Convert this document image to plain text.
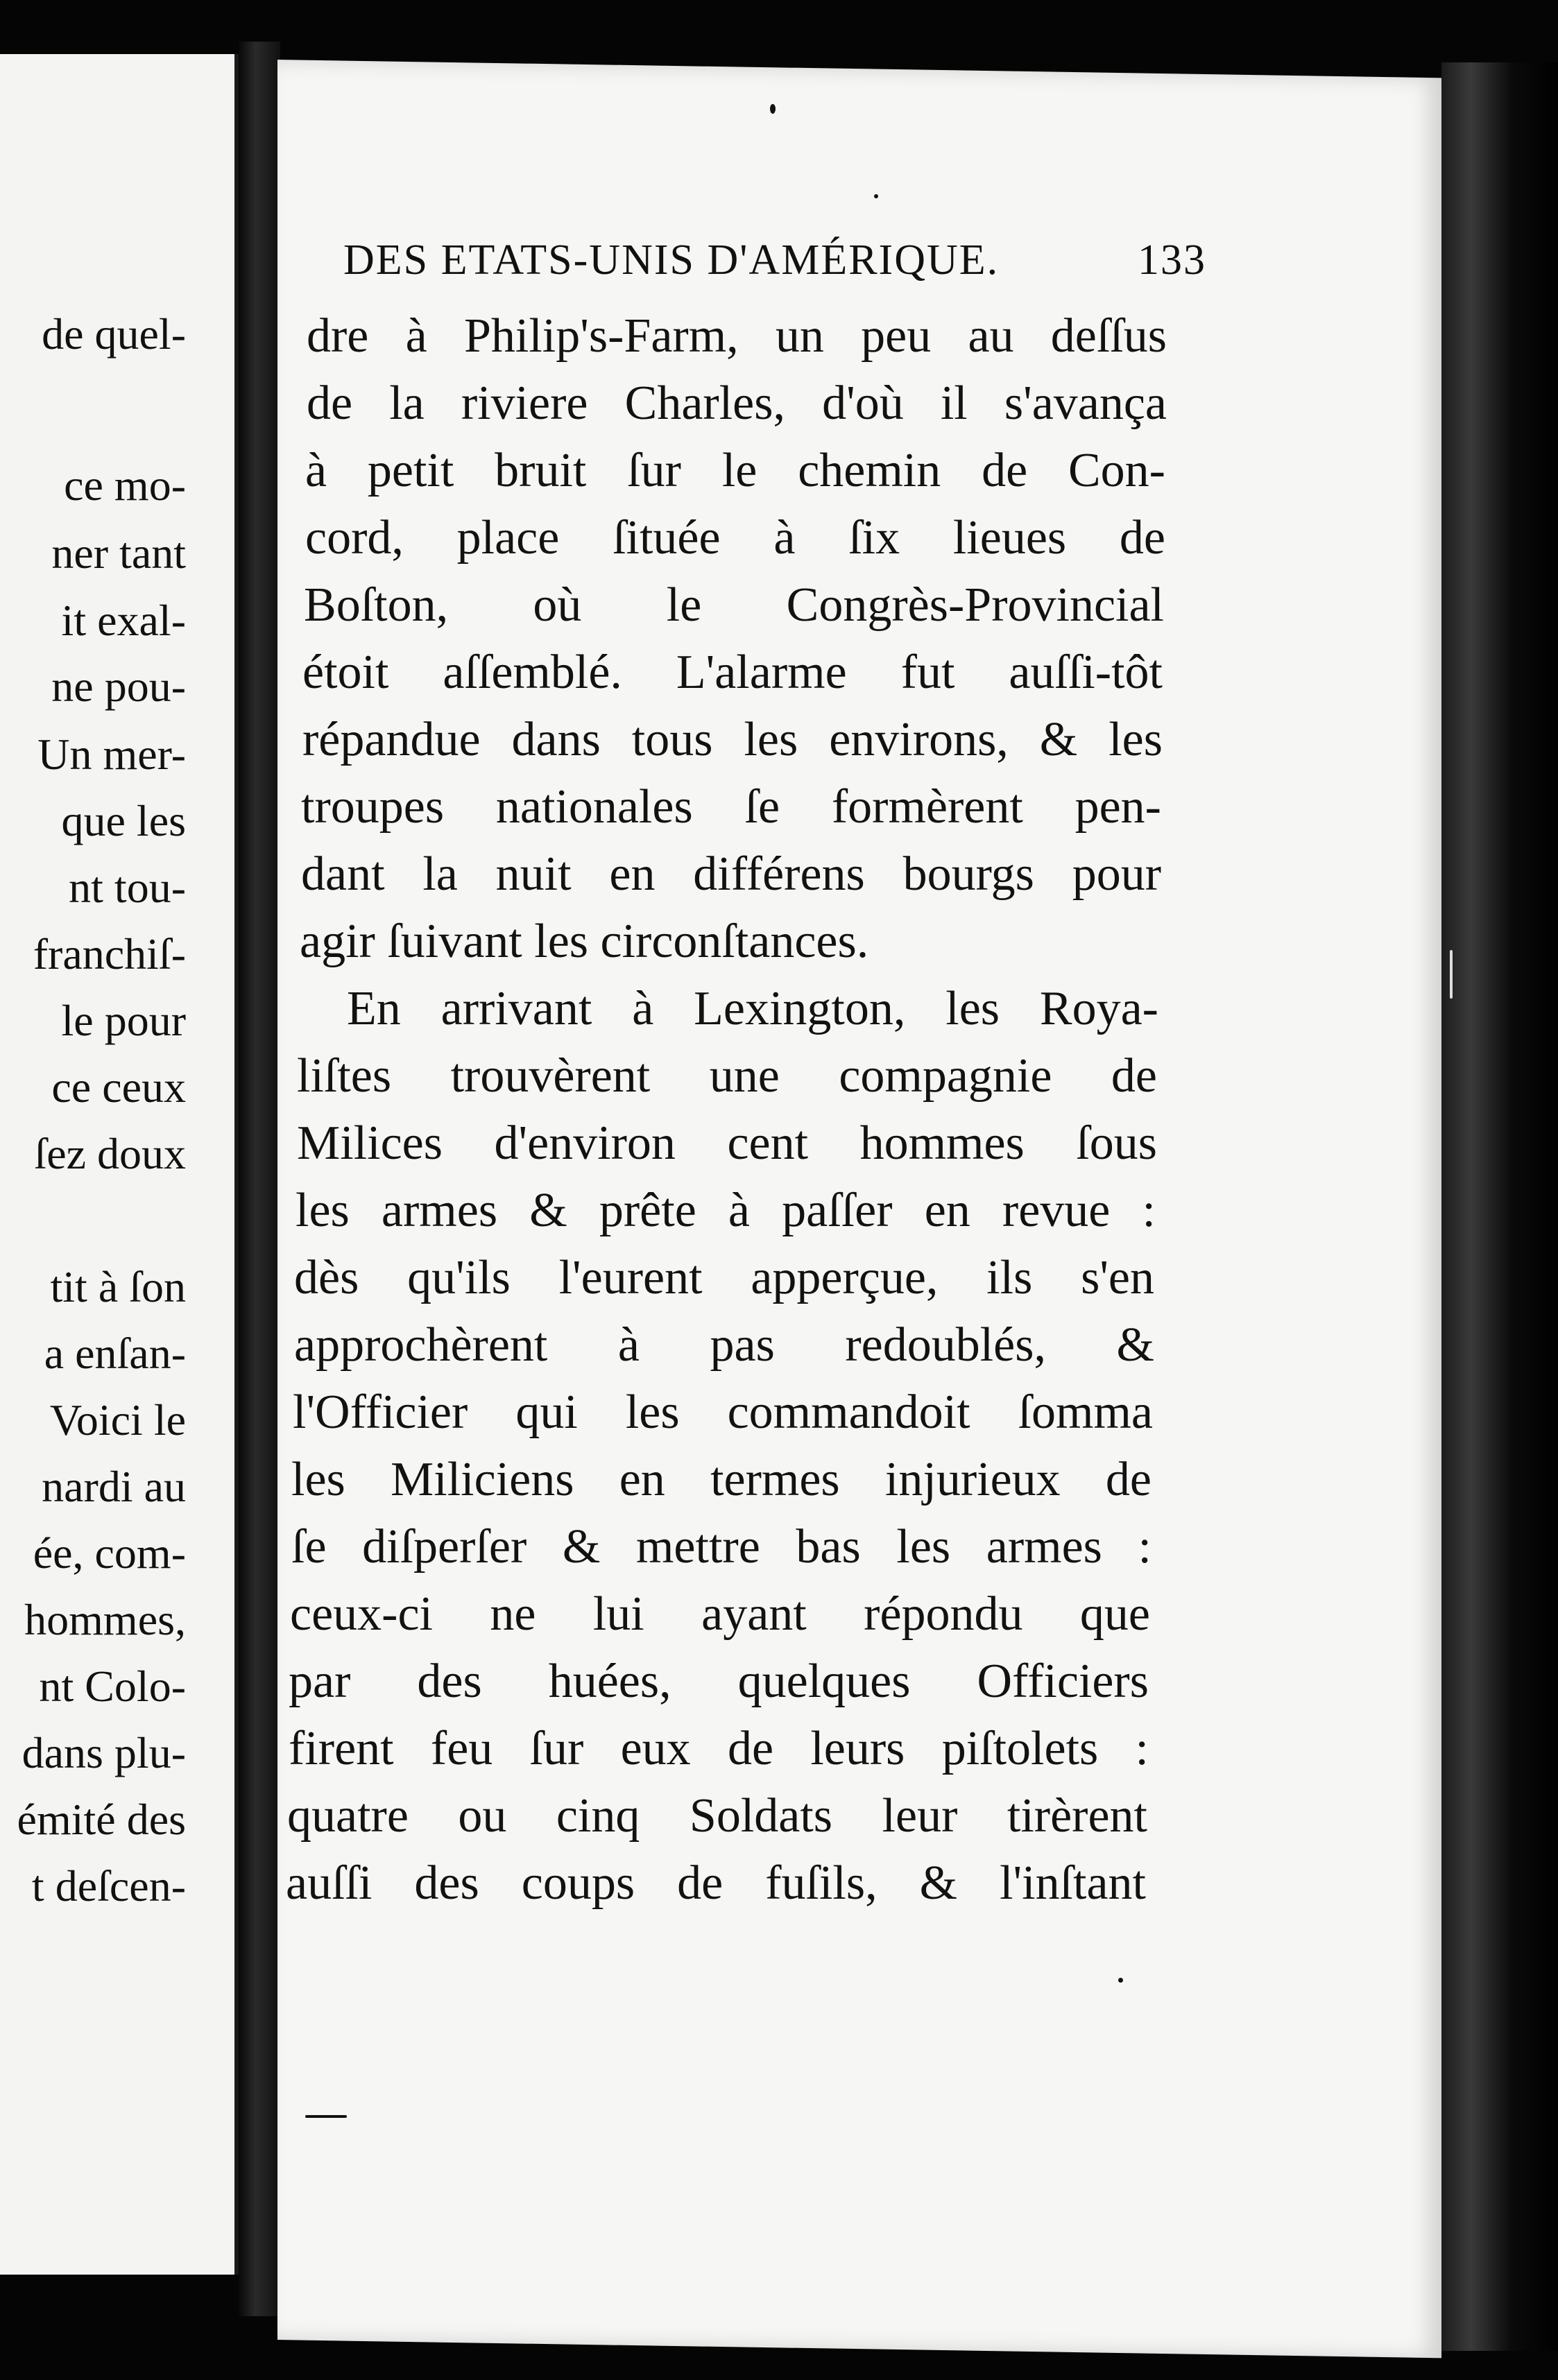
de quel-
ce mo-
ner tant
it exal-
ne pou-
Un mer-
que les
nt tou-
franchiſ-
le pour
ce ceux
ſez doux
tit à ſon
a enſan-
Voici le
nardi au
ée, com-
hommes,
nt Colo-
dans plu-
émité des
t deſcen-
DES ETATS-UNIS D'AMÉRIQUE.	133
dre à Philip's-Farm, un peu au deſſus
de la riviere Charles, d'où il s'avança
à petit bruit ſur le chemin de Con-
cord, place ſituée à ſix lieues de
Boſton, où le Congrès-Provincial
étoit aſſemblé. L'alarme fut auſſi-tôt
répandue dans tous les environs, & les
troupes nationales ſe formèrent pen-
dant la nuit en différens bourgs pour
agir ſuivant les circonſtances.
En arrivant à Lexington, les Roya-
liſtes trouvèrent une compagnie de
Milices d'environ cent hommes ſous
les armes & prête à paſſer en revue :
dès qu'ils l'eurent apperçue, ils s'en
approchèrent à pas redoublés, &
l'Officier qui les commandoit ſomma
les Miliciens en termes injurieux de
ſe diſperſer & mettre bas les armes :
ceux-ci ne lui ayant répondu que
par des huées, quelques Officiers
firent feu ſur eux de leurs piſtolets :
quatre ou cinq Soldats leur tirèrent
auſſi des coups de fuſils, & l'inſtant
